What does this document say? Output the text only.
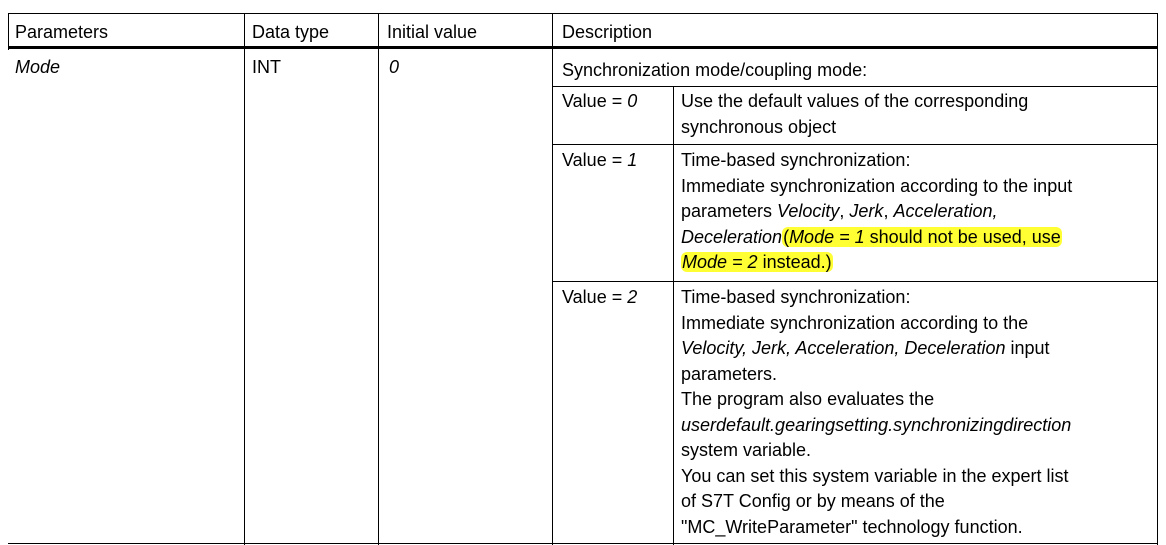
Parameters	Data type	Initial value	Description
Mode	INT	0	Synchronization mode/coupling mode:
Value = 0 Use the default values of the corresponding
synchronous object
Value = 1 Time-based synchronization:
Immediate synchronization according to the input
parameters Velocity, Jerk, Acceleration,
Deceleration(Mode = 1 should not be used, use
Mode = 2 instead.)
Value = 2 Time-based synchronization:
Immediate synchronization according to the
Velocity, Jerk, Acceleration, Deceleration input
parameters.
The program also evaluates the
userdefault.gearingsetting.synchronizingdirection
system variable.
You can set this system variable in the expert list
of S7T Config or by means of the
"MC_WriteParameter" technology function.
